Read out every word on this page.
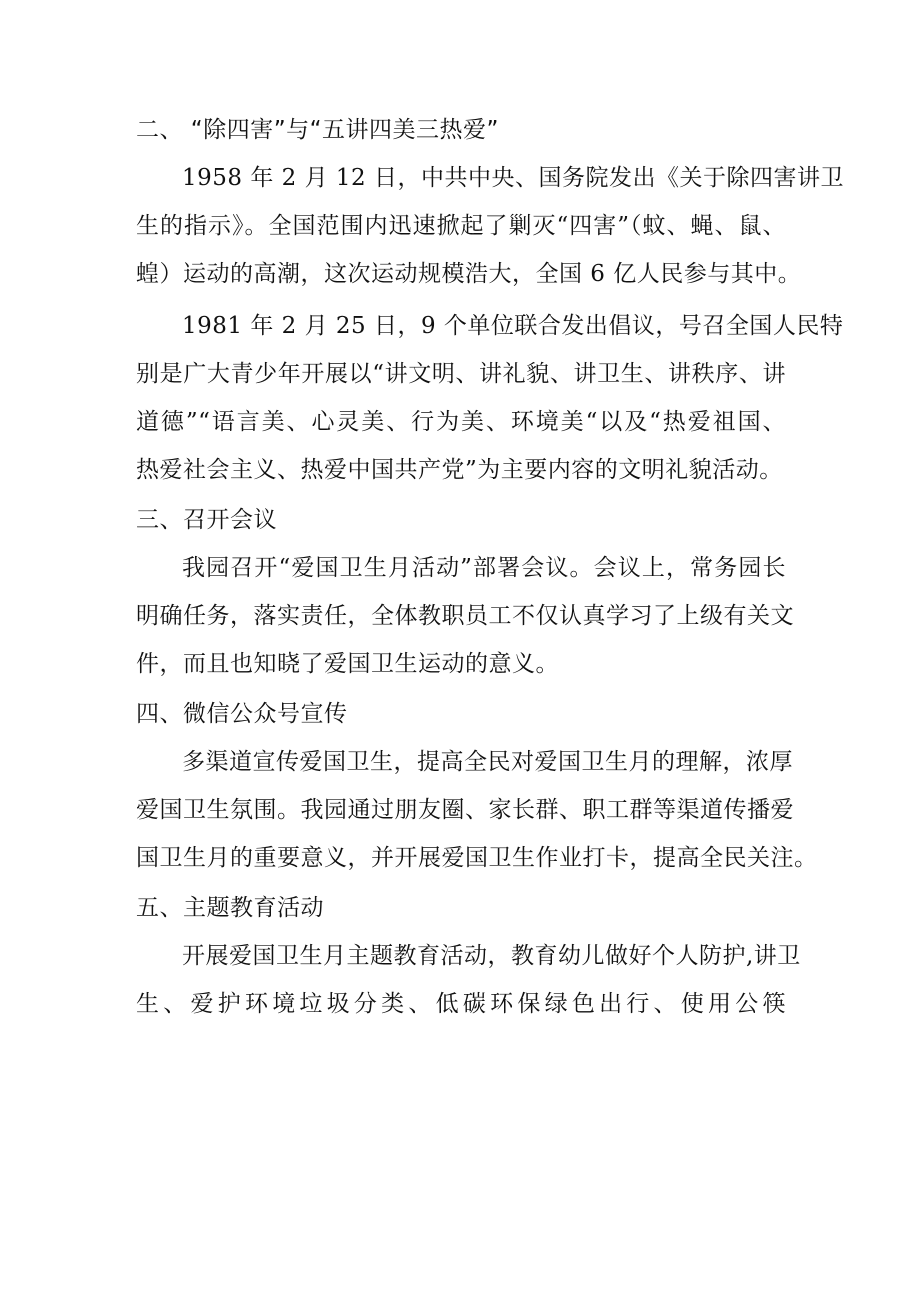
二、 “除四害”与“五讲四美三热爱”
1958 年 2 月 12 日，中共中央、国务院发出《关于除四害讲卫
生的指示》。全国范围内迅速掀起了剿灭“四害”（蚊、蝇、鼠、
蝗）运动的高潮，这次运动规模浩大，全国 6 亿人民参与其中。
1981 年 2 月 25 日，9 个单位联合发出倡议，号召全国人民特
别是广大青少年开展以“讲文明、讲礼貌、讲卫生、讲秩序、讲
道德”“语言美、心灵美、行为美、环境美“以及“热爱祖国、
热爱社会主义、热爱中国共产党”为主要内容的文明礼貌活动。
三、召开会议
我园召开“爱国卫生月活动”部署会议。会议上，常务园长
明确任务，落实责任，全体教职员工不仅认真学习了上级有关文
件，而且也知晓了爱国卫生运动的意义。
四、微信公众号宣传
多渠道宣传爱国卫生，提高全民对爱国卫生月的理解，浓厚
爱国卫生氛围。我园通过朋友圈、家长群、职工群等渠道传播爱
国卫生月的重要意义，并开展爱国卫生作业打卡，提高全民关注。
五、主题教育活动
开展爱国卫生月主题教育活动，教育幼儿做好个人防护,讲卫
生、爱护环境垃圾分类、低碳环保绿色出行、使用公筷
